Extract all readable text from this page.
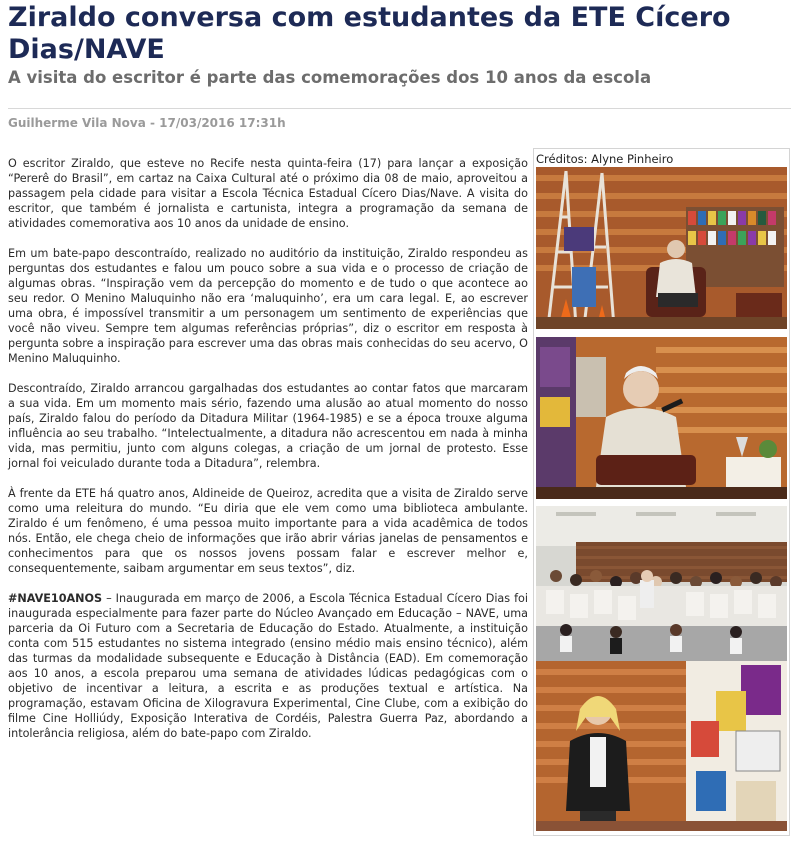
Ziraldo conversa com estudantes da ETE Cícero Dias/NAVE
A visita do escritor é parte das comemorações dos 10 anos da escola
Guilherme Vila Nova - 17/03/2016 17:31h

O escritor Ziraldo, que esteve no Recife nesta quinta-feira (17) para lançar a exposição “Pererê do Brasil”, em cartaz na Caixa Cultural até o próximo dia 08 de maio, aproveitou a passagem pela cidade para visitar a Escola Técnica Estadual Cícero Dias/Nave. A visita do escritor, que também é jornalista e cartunista, integra a programação da semana de atividades comemorativa aos 10 anos da unidade de ensino.

Em um bate-papo descontraído, realizado no auditório da instituição, Ziraldo respondeu as perguntas dos estudantes e falou um pouco sobre a sua vida e o processo de criação de algumas obras. “Inspiração vem da percepção do momento e de tudo o que acontece ao seu redor. O Menino Maluquinho não era ‘maluquinho’, era um cara legal. E, ao escrever uma obra, é impossível transmitir a um personagem um sentimento de experiências que você não viveu. Sempre tem algumas referências próprias”, diz o escritor em resposta à pergunta sobre a inspiração para escrever uma das obras mais conhecidas do seu acervo, O Menino Maluquinho.

Descontraído, Ziraldo arrancou gargalhadas dos estudantes ao contar fatos que marcaram a sua vida. Em um momento mais sério, fazendo uma alusão ao atual momento do nosso país, Ziraldo falou do período da Ditadura Militar (1964-1985) e se a época trouxe alguma influência ao seu trabalho. “Intelectualmente, a ditadura não acrescentou em nada à minha vida, mas permitiu, junto com alguns colegas, a criação de um jornal de protesto. Esse jornal foi veiculado durante toda a Ditadura”, relembra.

À frente da ETE há quatro anos, Aldineide de Queiroz, acredita que a visita de Ziraldo serve como uma releitura do mundo. “Eu diria que ele vem como uma biblioteca ambulante. Ziraldo é um fenômeno, é uma pessoa muito importante para a vida acadêmica de todos nós. Então, ele chega cheio de informações que irão abrir várias janelas de pensamentos e conhecimentos para que os nossos jovens possam falar e escrever melhor e, consequentemente, saibam argumentar em seus textos”, diz.

#NAVE10ANOS – Inaugurada em março de 2006, a Escola Técnica Estadual Cícero Dias foi inaugurada especialmente para fazer parte do Núcleo Avançado em Educação – NAVE, uma parceria da Oi Futuro com a Secretaria de Educação do Estado. Atualmente, a instituição conta com 515 estudantes no sistema integrado (ensino médio mais ensino técnico), além das turmas da modalidade subsequente e Educação à Distância (EAD). Em comemoração aos 10 anos, a escola preparou uma semana de atividades lúdicas pedagógicas com o objetivo de incentivar a leitura, a escrita e as produções textual e artística. Na programação, estavam Oficina de Xilogravura Experimental, Cine Clube, com a exibição do filme Cine Holliúdy, Exposição Interativa de Cordéis, Palestra Guerra Paz, abordando a intolerância religiosa, além do bate-papo com Ziraldo.

Créditos: Alyne Pinheiro
